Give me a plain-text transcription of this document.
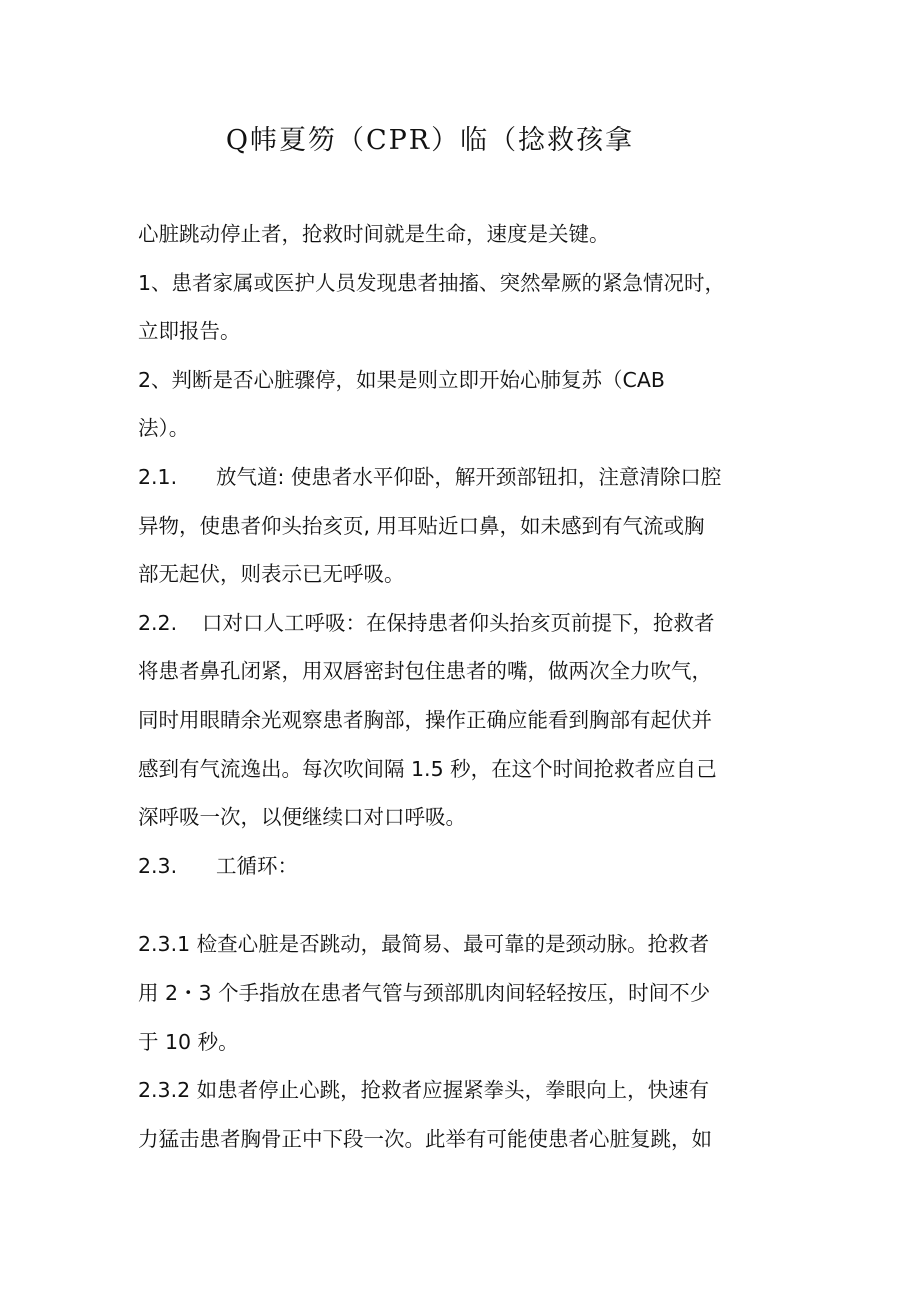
Q帏夏笏（CPR）临（捻救孩拿
心脏跳动停止者，抢救时间就是生命，速度是关键。
1、患者家属或医护人员发现患者抽搐、突然晕厥的紧急情况时，
立即报告。
2、判断是否心脏骤停，如果是则立即开始心肺复苏（CAB
法）。
2.1. 放气道: 使患者水平仰卧，解开颈部钮扣，注意清除口腔
异物，使患者仰头抬亥页, 用耳贴近口鼻，如未感到有气流或胸
部无起伏，则表示已无呼吸。
2.2. 口对口人工呼吸：在保持患者仰头抬亥页前提下，抢救者
将患者鼻孔闭紧，用双唇密封包住患者的嘴，做两次全力吹气，
同时用眼睛余光观察患者胸部，操作正确应能看到胸部有起伏并
感到有气流逸出。每次吹间隔 1.5 秒，在这个时间抢救者应自己
深呼吸一次，以便继续口对口呼吸。
2.3. 工循环：
2.3.1 检查心脏是否跳动，最简易、最可靠的是颈动脉。抢救者
用 2・3 个手指放在患者气管与颈部肌肉间轻轻按压，时间不少
于 10 秒。
2.3.2 如患者停止心跳，抢救者应握紧拳头，拳眼向上，快速有
力猛击患者胸骨正中下段一次。此举有可能使患者心脏复跳，如
